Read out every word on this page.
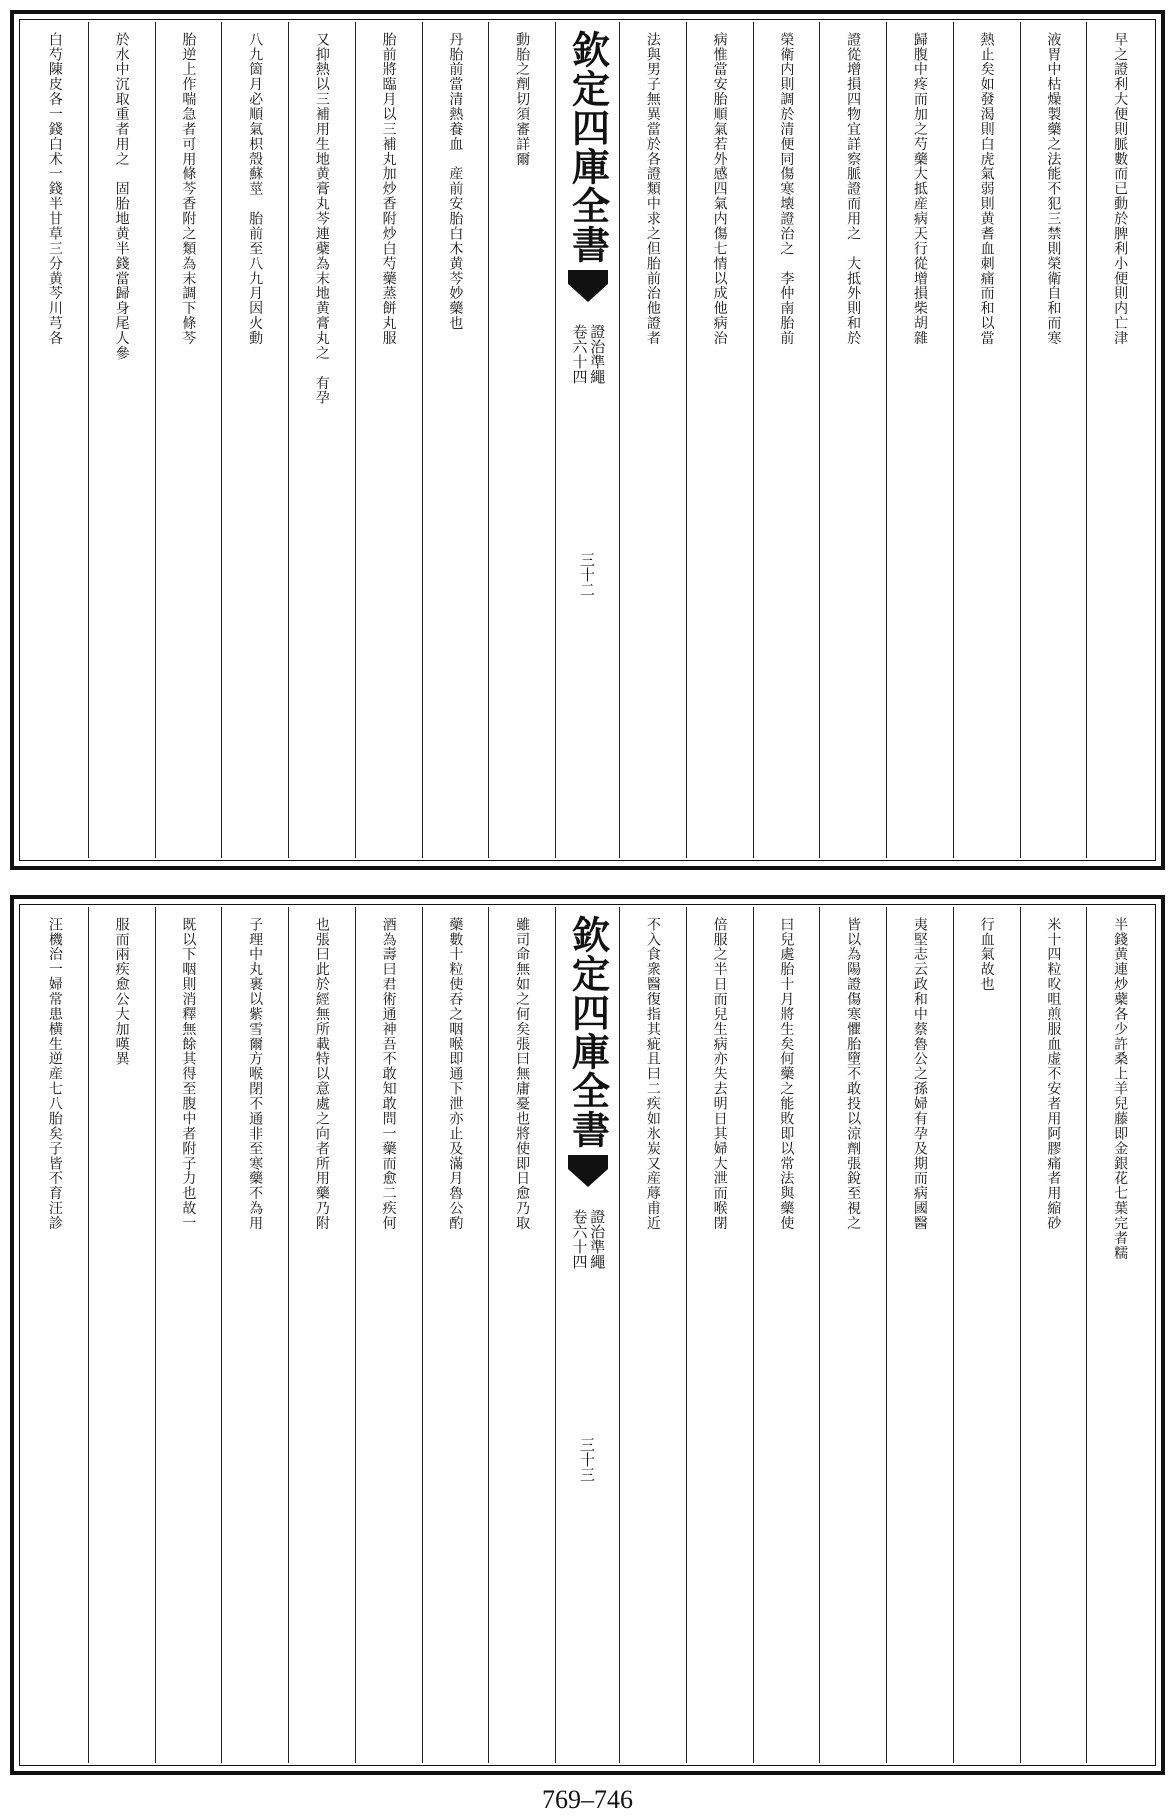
早之證利大便則脈數而已動於脾利小便則内亡津
液胃中枯燥製藥之法能不犯三禁則榮衛自和而寒
熱止矣如發渴則白虎氣弱則黄耆血刺痛而和以當
歸腹中疼而加之芍藥大抵産病天行從增損柴胡雜
證從增損四物宜詳察脈證而用之　大抵外則和於
榮衛内則調於清便同傷寒壊證治之　李仲南胎前
病惟當安胎順氣若外感四氣内傷七情以成他病治
法與男子無異當於各證類中求之但胎前治他證者
欽定四庫全書
證治準繩
卷六十四
三十二
動胎之劑切須審詳爾
丹胎前當清熱養血　産前安胎白木黄芩妙藥也
胎前將臨月以三補丸加炒香附炒白芍藥蒸餅丸服
又抑熱以三補用生地黄膏丸芩連蘗為末地黄膏丸之　有孕
八九箇月必順氣枳殼蘇莖　胎前至八九月因火動
胎逆上作喘急者可用條芩香附之類為末調下條芩
於水中沉取重者用之　固胎地黄半錢當歸身尾人參
白芍陳皮各一錢白术一錢半甘草三分黄芩川芎各
半錢黄連炒蘗各少許桑上羊兒藤即金銀花七葉完者糯
米十四粒㕮咀煎服血虚不安者用阿膠痛者用縮砂
行血氣故也
夷堅志云政和中蔡魯公之孫婦有孕及期而病國醫
皆以為陽證傷寒懼胎墮不敢投以涼劑張銳至視之
曰兒處胎十月將生矣何藥之能敗即以常法與藥使
倍服之半日而兒生病亦失去明日其婦大泄而喉閉
不入食衆醫復指其疵且曰二疾如氷炭又産蓐甫近
欽定四庫全書
證治準繩
卷六十四
三十三
雖司命無如之何矣張曰無庸憂也將使即日愈乃取
藥數十粒使吞之咽喉即通下泄亦止及滿月魯公酌
酒為壽曰君術通神吾不敢知敢問一藥而愈二疾何
也張曰此於經無所載特以意處之向者所用藥乃附
子理中丸裹以紫雪爾方喉閉不通非至寒藥不為用
既以下咽則消釋無餘其得至腹中者附子力也故一
服而兩疾愈公大加嘆異
汪機治一婦常患横生逆産七八胎矣子皆不育汪診
769–746
